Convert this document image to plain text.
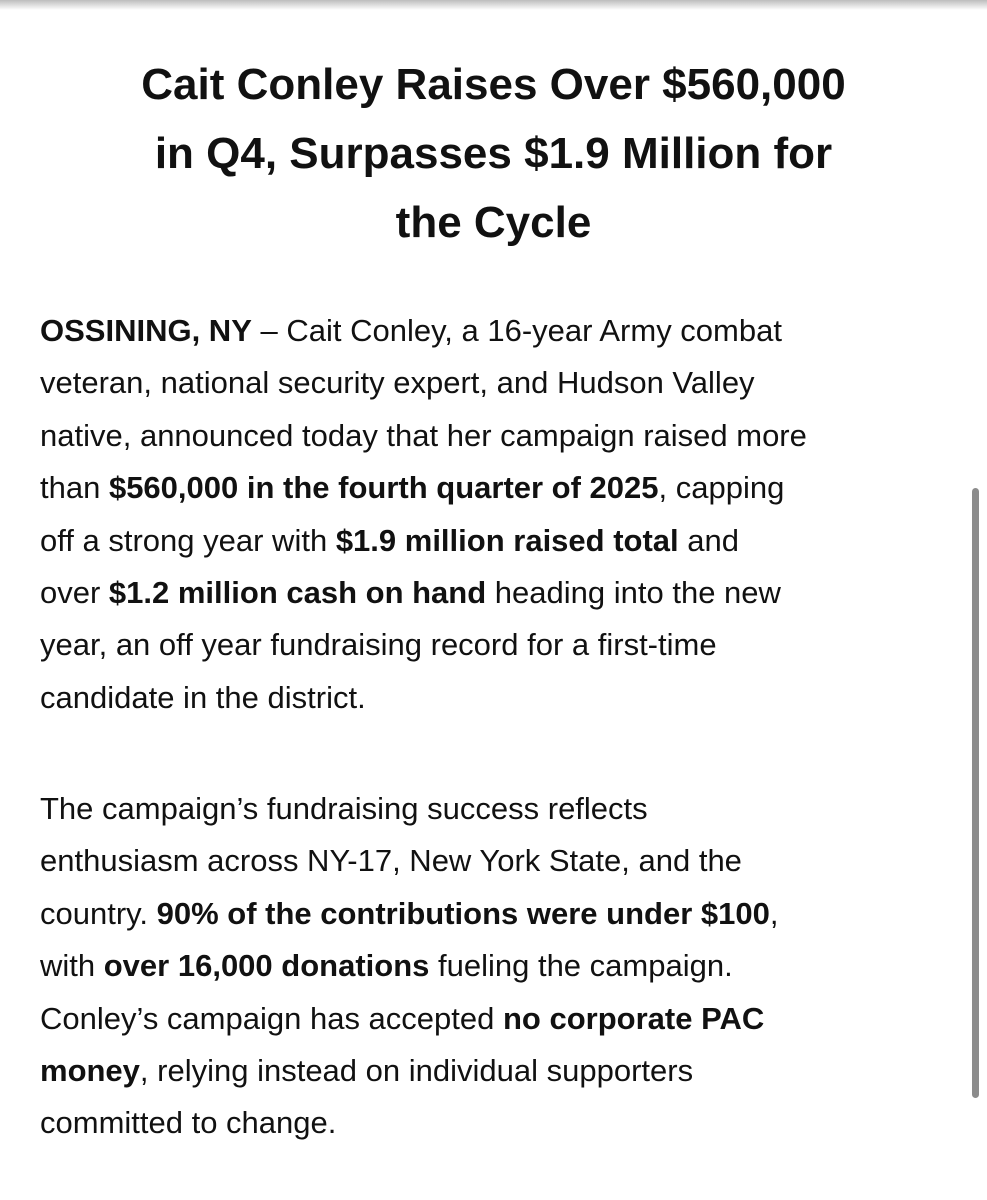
Cait Conley Raises Over $560,000
in Q4, Surpasses $1.9 Million for
the Cycle

OSSINING, NY – Cait Conley, a 16-year Army combat
veteran, national security expert, and Hudson Valley
native, announced today that her campaign raised more
than $560,000 in the fourth quarter of 2025, capping
off a strong year with $1.9 million raised total and
over $1.2 million cash on hand heading into the new
year, an off year fundraising record for a first-time
candidate in the district.

The campaign’s fundraising success reflects
enthusiasm across NY-17, New York State, and the
country. 90% of the contributions were under $100,
with over 16,000 donations fueling the campaign.
Conley’s campaign has accepted no corporate PAC
money, relying instead on individual supporters
committed to change.
